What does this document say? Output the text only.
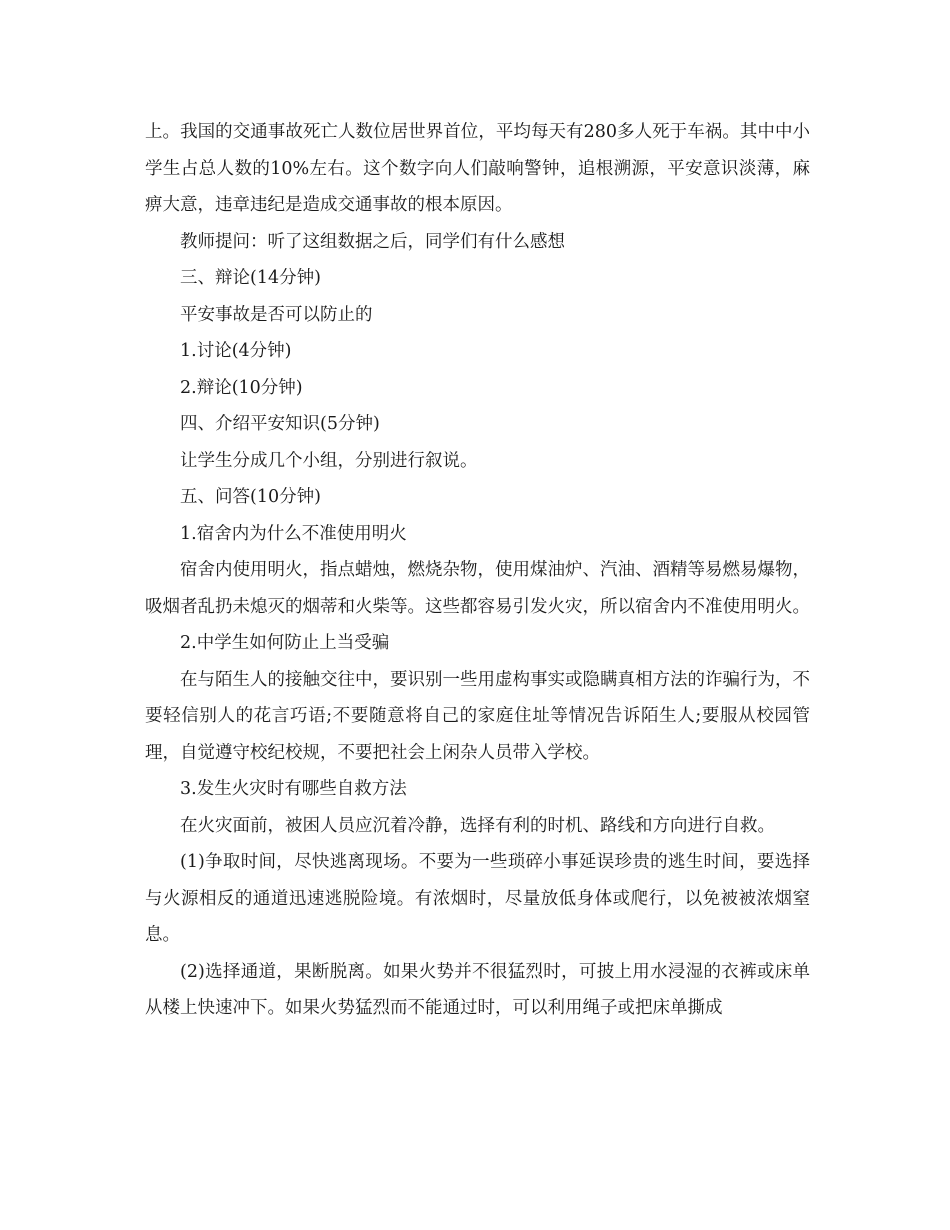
上。我国的交通事故死亡人数位居世界首位，平均每天有280多人死于车祸。其中中小学生占总人数的10%左右。这个数字向人们敲响警钟，追根溯源，平安意识淡薄，麻痹大意，违章违纪是造成交通事故的根本原因。

教师提问：听了这组数据之后，同学们有什么感想

三、辩论(14分钟)

平安事故是否可以防止的

1.讨论(4分钟)

2.辩论(10分钟)

四、介绍平安知识(5分钟)

让学生分成几个小组，分别进行叙说。

五、问答(10分钟)

1.宿舍内为什么不准使用明火

宿舍内使用明火，指点蜡烛，燃烧杂物，使用煤油炉、汽油、酒精等易燃易爆物，吸烟者乱扔未熄灭的烟蒂和火柴等。这些都容易引发火灾，所以宿舍内不准使用明火。

2.中学生如何防止上当受骗

在与陌生人的接触交往中，要识别一些用虚构事实或隐瞒真相方法的诈骗行为，不要轻信别人的花言巧语;不要随意将自己的家庭住址等情况告诉陌生人;要服从校园管理，自觉遵守校纪校规，不要把社会上闲杂人员带入学校。

3.发生火灾时有哪些自救方法

在火灾面前，被困人员应沉着冷静，选择有利的时机、路线和方向进行自救。

(1)争取时间，尽快逃离现场。不要为一些琐碎小事延误珍贵的逃生时间，要选择与火源相反的通道迅速逃脱险境。有浓烟时，尽量放低身体或爬行，以免被被浓烟窒息。

(2)选择通道，果断脱离。如果火势并不很猛烈时，可披上用水浸湿的衣裤或床单从楼上快速冲下。如果火势猛烈而不能通过时，可以利用绳子或把床单撕成
